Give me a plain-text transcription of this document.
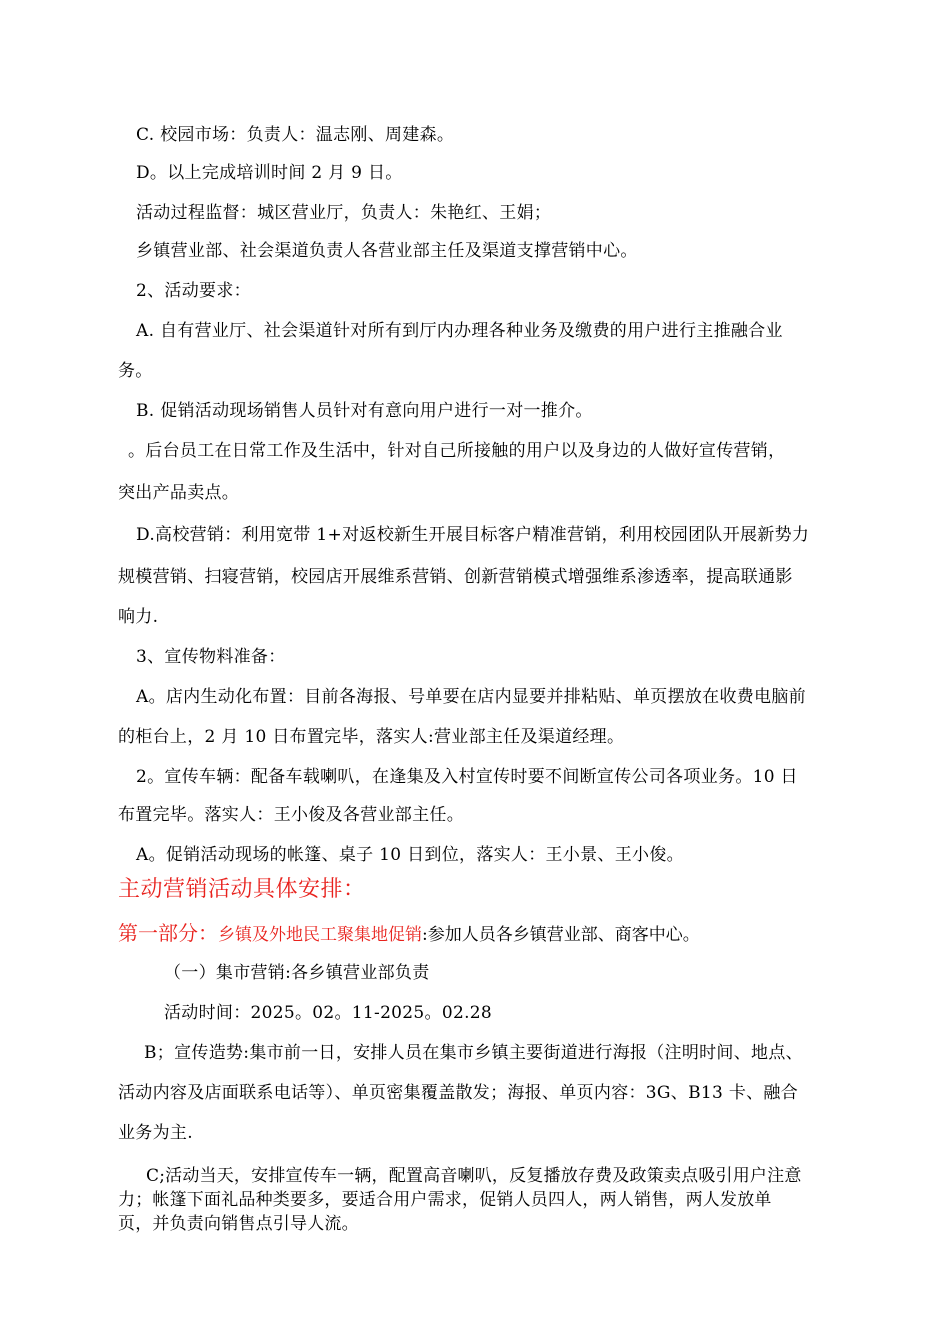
C. 校园市场：负责人：温志刚、周建森。
D。以上完成培训时间 2 月 9 日。
活动过程监督：城区营业厅，负责人：朱艳红、王娟；
乡镇营业部、社会渠道负责人各营业部主任及渠道支撑营销中心。
2、活动要求：
A. 自有营业厅、社会渠道针对所有到厅内办理各种业务及缴费的用户进行主推融合业
务。
B. 促销活动现场销售人员针对有意向用户进行一对一推介。
。后台员工在日常工作及生活中，针对自己所接触的用户以及身边的人做好宣传营销，
突出产品卖点。
D.高校营销：利用宽带 1+对返校新生开展目标客户精准营销，利用校园团队开展新势力
规模营销、扫寝营销，校园店开展维系营销、创新营销模式增强维系渗透率，提高联通影
响力.
3、宣传物料准备：
A。店内生动化布置：目前各海报、号单要在店内显要并排粘贴、单页摆放在收费电脑前
的柜台上，2 月 10 日布置完毕，落实人:营业部主任及渠道经理。
2。宣传车辆：配备车载喇叭，在逢集及入村宣传时要不间断宣传公司各项业务。10 日
布置完毕。落实人：王小俊及各营业部主任。
A。促销活动现场的帐篷、桌子 10 日到位，落实人：王小景、王小俊。
主动营销活动具体安排：
第一部分：乡镇及外地民工聚集地促销:参加人员各乡镇营业部、商客中心。
（一）集市营销:各乡镇营业部负责
活动时间：2025。02。11-2025。02.28
B；宣传造势:集市前一日，安排人员在集市乡镇主要街道进行海报（注明时间、地点、
活动内容及店面联系电话等）、单页密集覆盖散发；海报、单页内容：3G、B13 卡、融合
业务为主.
C;活动当天，安排宣传车一辆，配置高音喇叭，反复播放存费及政策卖点吸引用户注意
力；帐篷下面礼品种类要多，要适合用户需求，促销人员四人，两人销售，两人发放单
页，并负责向销售点引导人流。
